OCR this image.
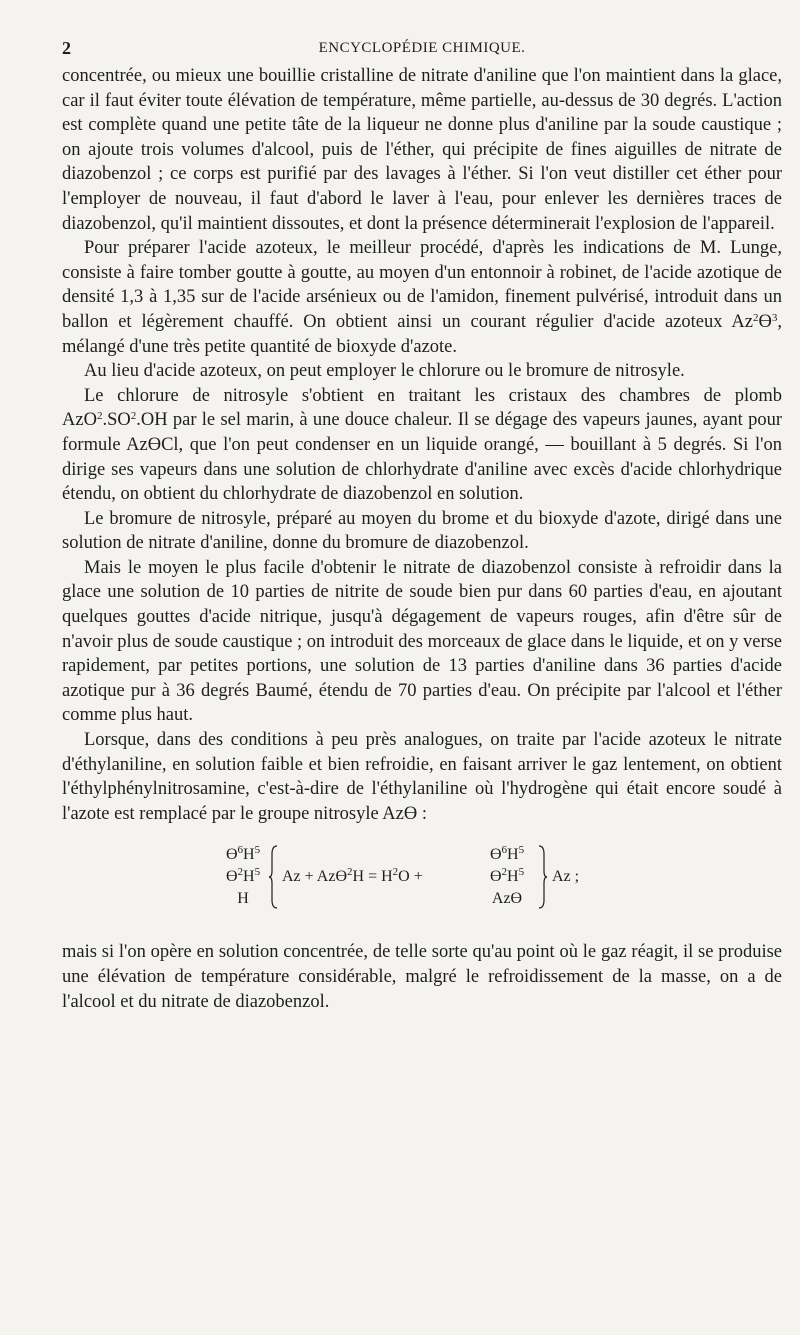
2	ENCYCLOPÉDIE CHIMIQUE.

concentrée, ou mieux une bouillie cristalline de nitrate d'aniline que l'on maintient dans la glace, car il faut éviter toute élévation de température, même partielle, au-dessus de 30 degrés. L'action est complète quand une petite tâte de la liqueur ne donne plus d'aniline par la soude caustique ; on ajoute trois volumes d'alcool, puis de l'éther, qui précipite de fines aiguilles de nitrate de diazobenzol ; ce corps est purifié par des lavages à l'éther. Si l'on veut distiller cet éther pour l'employer de nouveau, il faut d'abord le laver à l'eau, pour enlever les dernières traces de diazobenzol, qu'il maintient dissoutes, et dont la présence déterminerait l'explosion de l'appareil.

Pour préparer l'acide azoteux, le meilleur procédé, d'après les indications de M. Lunge, consiste à faire tomber goutte à goutte, au moyen d'un entonnoir à robinet, de l'acide azotique de densité 1,3 à 1,35 sur de l'acide arsénieux ou de l'amidon, finement pulvérisé, introduit dans un ballon et légèrement chauffé. On obtient ainsi un courant régulier d'acide azoteux $Az^2Ɵ^3$, mélangé d'une très petite quantité de bioxyde d'azote.

Au lieu d'acide azoteux, on peut employer le chlorure ou le bromure de nitrosyle.

Le chlorure de nitrosyle s'obtient en traitant les cristaux des chambres de plomb $AzO^2.SO^2.OH$ par le sel marin, à une douce chaleur. Il se dégage des vapeurs jaunes, ayant pour formule AzƟCl, que l'on peut condenser en un liquide orangé, — bouillant à 5 degrés. Si l'on dirige ses vapeurs dans une solution de chlorhydrate d'aniline avec excès d'acide chlorhydrique étendu, on obtient du chlorhydrate de diazobenzol en solution.

Le bromure de nitrosyle, préparé au moyen du brome et du bioxyde d'azote, dirigé dans une solution de nitrate d'aniline, donne du bromure de diazobenzol.

Mais le moyen le plus facile d'obtenir le nitrate de diazobenzol consiste à refroidir dans la glace une solution de 10 parties de nitrite de soude bien pur dans 60 parties d'eau, en ajoutant quelques gouttes d'acide nitrique, jusqu'à dégagement de vapeurs rouges, afin d'être sûr de n'avoir plus de soude caustique ; on introduit des morceaux de glace dans le liquide, et on y verse rapidement, par petites portions, une solution de 13 parties d'aniline dans 36 parties d'acide azotique pur à 36 degrés Baumé, étendu de 70 parties d'eau. On précipite par l'alcool et l'éther comme plus haut.

Lorsque, dans des conditions à peu près analogues, on traite par l'acide azoteux le nitrate d'éthylaniline, en solution faible et bien refroidie, en faisant arriver le gaz lentement, on obtient l'éthylphénylnitrosamine, c'est-à-dire de l'éthylaniline où l'hydrogène qui était encore soudé à l'azote est remplacé par le groupe nitrosyle AzƟ :

$Ɵ^6H^5$
$Ɵ^2H^5$
H
Az + AzƟ$^2$H = $H^2O$ +
$Ɵ^6H^5$
$Ɵ^2H^5$
AzƟ
Az ;

mais si l'on opère en solution concentrée, de telle sorte qu'au point où le gaz réagit, il se produise une élévation de température considérable, malgré le refroidissement de la masse, on a de l'alcool et du nitrate de diazobenzol.
